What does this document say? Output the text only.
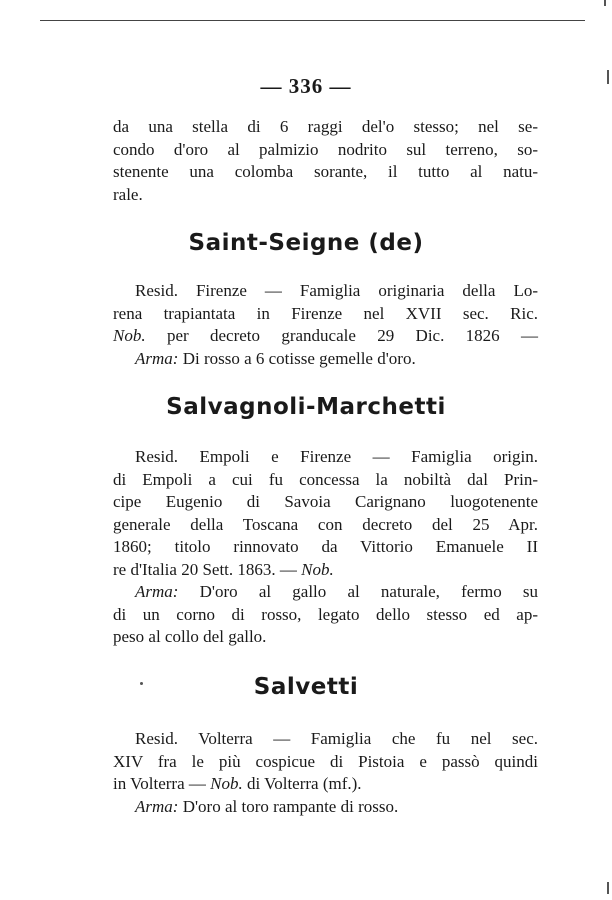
— 336 —
da una stella di 6 raggi del'o stesso; nel se-
condo d'oro al palmizio nodrito sul terreno, so-
stenente una colomba sorante, il tutto al natu-
rale.
Saint-Seigne (de)
Resid. Firenze — Famiglia originaria della Lo-
rena trapiantata in Firenze nel XVII sec. Ric.
Nob. per decreto granducale 29 Dic. 1826 —
Arma: Di rosso a 6 cotisse gemelle d'oro.
Salvagnoli-Marchetti
Resid. Empoli e Firenze — Famiglia origin.
di Empoli a cui fu concessa la nobiltà dal Prin-
cipe Eugenio di Savoia Carignano luogotenente
generale della Toscana con decreto del 25 Apr.
1860; titolo rinnovato da Vittorio Emanuele II
re d'Italia 20 Sett. 1863. — Nob.
Arma: D'oro al gallo al naturale, fermo su
di un corno di rosso, legato dello stesso ed ap-
peso al collo del gallo.
Salvetti
Resid. Volterra — Famiglia che fu nel sec.
XIV fra le più cospicue di Pistoia e passò quindi
in Volterra — Nob. di Volterra (mf.).
Arma: D'oro al toro rampante di rosso.
